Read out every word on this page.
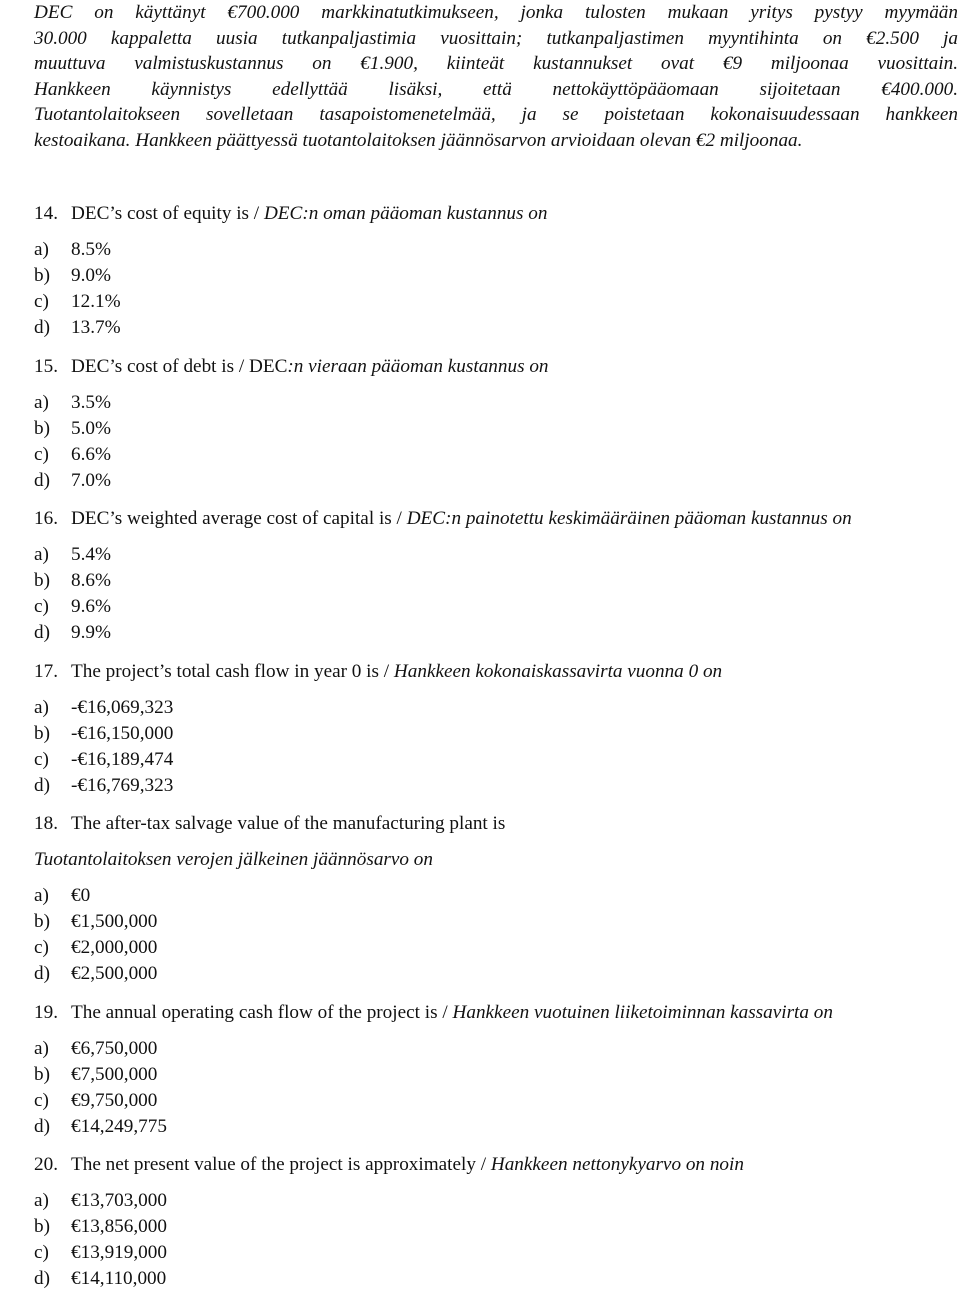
DEC on käyttänyt €700.000 markkinatutkimukseen, jonka tulosten mukaan yritys pystyy myymään
30.000 kappaletta uusia tutkanpaljastimia vuosittain; tutkanpaljastimen myyntihinta on €2.500 ja
muuttuva valmistuskustannus on €1.900, kiinteät kustannukset ovat €9 miljoonaa vuosittain.
Hankkeen käynnistys edellyttää lisäksi, että nettokäyttöpääomaan sijoitetaan €400.000.
Tuotantolaitokseen sovelletaan tasapoistomenetelmää, ja se poistetaan kokonaisuudessaan hankkeen
kestoaikana. Hankkeen päättyessä tuotantolaitoksen jäännösarvon arvioidaan olevan €2 miljoonaa.
14. DEC’s cost of equity is / DEC:n oman pääoman kustannus on
a) 8.5%
b) 9.0%
c) 12.1%
d) 13.7%
15. DEC’s cost of debt is / DEC:n vieraan pääoman kustannus on
a) 3.5%
b) 5.0%
c) 6.6%
d) 7.0%
16. DEC’s weighted average cost of capital is / DEC:n painotettu keskimääräinen pääoman kustannus on
a) 5.4%
b) 8.6%
c) 9.6%
d) 9.9%
17. The project’s total cash flow in year 0 is / Hankkeen kokonaiskassavirta vuonna 0 on
a) -€16,069,323
b) -€16,150,000
c) -€16,189,474
d) -€16,769,323
18. The after-tax salvage value of the manufacturing plant is
Tuotantolaitoksen verojen jälkeinen jäännösarvo on
a) €0
b) €1,500,000
c) €2,000,000
d) €2,500,000
19. The annual operating cash flow of the project is / Hankkeen vuotuinen liiketoiminnan kassavirta on
a) €6,750,000
b) €7,500,000
c) €9,750,000
d) €14,249,775
20. The net present value of the project is approximately / Hankkeen nettonykyarvo on noin
a) €13,703,000
b) €13,856,000
c) €13,919,000
d) €14,110,000
